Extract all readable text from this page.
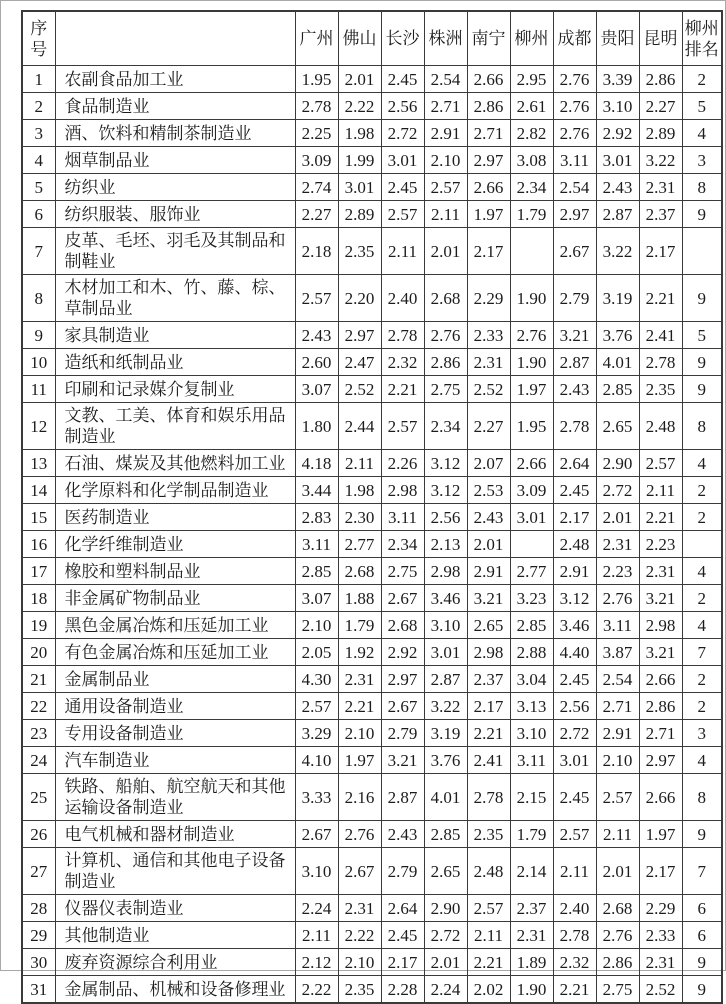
序号		广州	佛山	长沙	株洲	南宁	柳州	成都	贵阳	昆明	柳州排名
1	农副食品加工业	1.95	2.01	2.45	2.54	2.66	2.95	2.76	3.39	2.86	2
2	食品制造业	2.78	2.22	2.56	2.71	2.86	2.61	2.76	3.10	2.27	5
3	酒、饮料和精制茶制造业	2.25	1.98	2.72	2.91	2.71	2.82	2.76	2.92	2.89	4
4	烟草制品业	3.09	1.99	3.01	2.10	2.97	3.08	3.11	3.01	3.22	3
5	纺织业	2.74	3.01	2.45	2.57	2.66	2.34	2.54	2.43	2.31	8
6	纺织服装、服饰业	2.27	2.89	2.57	2.11	1.97	1.79	2.97	2.87	2.37	9
7	皮革、毛坯、羽毛及其制品和制鞋业	2.18	2.35	2.11	2.01	2.17		2.67	3.22	2.17	
8	木材加工和木、竹、藤、棕、草制品业	2.57	2.20	2.40	2.68	2.29	1.90	2.79	3.19	2.21	9
9	家具制造业	2.43	2.97	2.78	2.76	2.33	2.76	3.21	3.76	2.41	5
10	造纸和纸制品业	2.60	2.47	2.32	2.86	2.31	1.90	2.87	4.01	2.78	9
11	印刷和记录媒介复制业	3.07	2.52	2.21	2.75	2.52	1.97	2.43	2.85	2.35	9
12	文教、工美、体育和娱乐用品制造业	1.80	2.44	2.57	2.34	2.27	1.95	2.78	2.65	2.48	8
13	石油、煤炭及其他燃料加工业	4.18	2.11	2.26	3.12	2.07	2.66	2.64	2.90	2.57	4
14	化学原料和化学制品制造业	3.44	1.98	2.98	3.12	2.53	3.09	2.45	2.72	2.11	2
15	医药制造业	2.83	2.30	3.11	2.56	2.43	3.01	2.17	2.01	2.21	2
16	化学纤维制造业	3.11	2.77	2.34	2.13	2.01		2.48	2.31	2.23	
17	橡胶和塑料制品业	2.85	2.68	2.75	2.98	2.91	2.77	2.91	2.23	2.31	4
18	非金属矿物制品业	3.07	1.88	2.67	3.46	3.21	3.23	3.12	2.76	3.21	2
19	黑色金属冶炼和压延加工业	2.10	1.79	2.68	3.10	2.65	2.85	3.46	3.11	2.98	4
20	有色金属冶炼和压延加工业	2.05	1.92	2.92	3.01	2.98	2.88	4.40	3.87	3.21	7
21	金属制品业	4.30	2.31	2.97	2.87	2.37	3.04	2.45	2.54	2.66	2
22	通用设备制造业	2.57	2.21	2.67	3.22	2.17	3.13	2.56	2.71	2.86	2
23	专用设备制造业	3.29	2.10	2.79	3.19	2.21	3.10	2.72	2.91	2.71	3
24	汽车制造业	4.10	1.97	3.21	3.76	2.41	3.11	3.01	2.10	2.97	4
25	铁路、船舶、航空航天和其他运输设备制造业	3.33	2.16	2.87	4.01	2.78	2.15	2.45	2.57	2.66	8
26	电气机械和器材制造业	2.67	2.76	2.43	2.85	2.35	1.79	2.57	2.11	1.97	9
27	计算机、通信和其他电子设备制造业	3.10	2.67	2.79	2.65	2.48	2.14	2.11	2.01	2.17	7
28	仪器仪表制造业	2.24	2.31	2.64	2.90	2.57	2.37	2.40	2.68	2.29	6
29	其他制造业	2.11	2.22	2.45	2.72	2.11	2.31	2.78	2.76	2.33	6
30	废弃资源综合利用业	2.12	2.10	2.17	2.01	2.21	1.89	2.32	2.86	2.31	9
31	金属制品、机械和设备修理业	2.22	2.35	2.28	2.24	2.02	1.90	2.21	2.75	2.52	9
